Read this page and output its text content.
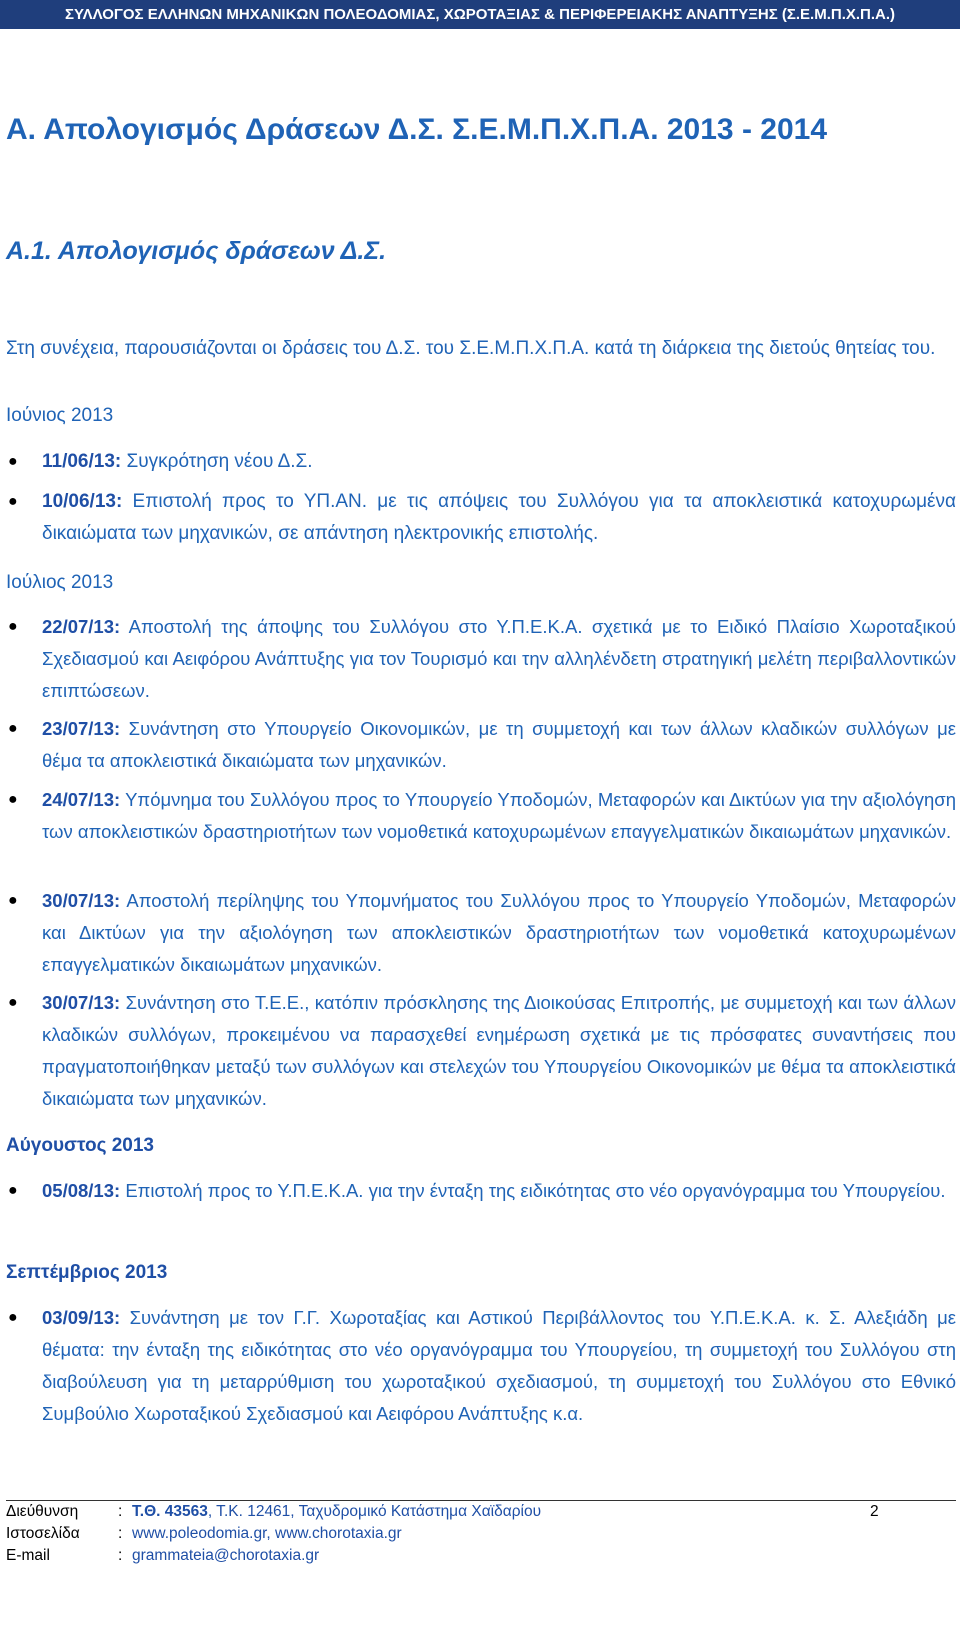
ΣΥΛΛΟΓΟΣ ΕΛΛΗΝΩΝ ΜΗΧΑΝΙΚΩΝ ΠΟΛΕΟΔΟΜΙΑΣ, ΧΩΡΟΤΑΞΙΑΣ & ΠΕΡΙΦΕΡΕΙΑΚΗΣ ΑΝΑΠΤΥΞΗΣ (Σ.Ε.Μ.Π.Χ.Π.Α.)
Α. Απολογισμός Δράσεων Δ.Σ. Σ.Ε.Μ.Π.Χ.Π.Α. 2013 - 2014
Α.1. Απολογισμός δράσεων Δ.Σ.
Στη συνέχεια, παρουσιάζονται οι δράσεις του Δ.Σ. του Σ.Ε.Μ.Π.Χ.Π.Α. κατά τη διάρκεια της διετούς θητείας του.
Ιούνιος 2013
● 11/06/13: Συγκρότηση νέου Δ.Σ.
● 10/06/13: Επιστολή προς το ΥΠ.ΑΝ. με τις απόψεις του Συλλόγου για τα αποκλειστικά κατοχυρωμένα δικαιώματα των μηχανικών, σε απάντηση ηλεκτρονικής επιστολής.
Ιούλιος 2013
● 22/07/13: Αποστολή της άποψης του Συλλόγου στο Υ.Π.Ε.Κ.Α. σχετικά με το Ειδικό Πλαίσιο Χωροταξικού Σχεδιασμού και Αειφόρου Ανάπτυξης για τον Τουρισμό και την αλληλένδετη στρατηγική μελέτη περιβαλλοντικών επιπτώσεων.
● 23/07/13: Συνάντηση στο Υπουργείο Οικονομικών, με τη συμμετοχή και των άλλων κλαδικών συλλόγων με θέμα τα αποκλειστικά δικαιώματα των μηχανικών.
● 24/07/13: Υπόμνημα του Συλλόγου προς το Υπουργείο Υποδομών, Μεταφορών και Δικτύων για την αξιολόγηση των αποκλειστικών δραστηριοτήτων των νομοθετικά κατοχυρωμένων επαγγελματικών δικαιωμάτων μηχανικών.
● 30/07/13: Αποστολή περίληψης του Υπομνήματος του Συλλόγου προς το Υπουργείο Υποδομών, Μεταφορών και Δικτύων για την αξιολόγηση των αποκλειστικών δραστηριοτήτων των νομοθετικά κατοχυρωμένων επαγγελματικών δικαιωμάτων μηχανικών.
● 30/07/13: Συνάντηση στο Τ.Ε.Ε., κατόπιν πρόσκλησης της Διοικούσας Επιτροπής, με συμμετοχή και των άλλων κλαδικών συλλόγων, προκειμένου να παρασχεθεί ενημέρωση σχετικά με τις πρόσφατες συναντήσεις που πραγματοποιήθηκαν μεταξύ των συλλόγων και στελεχών του Υπουργείου Οικονομικών με θέμα τα αποκλειστικά δικαιώματα των μηχανικών.
Αύγουστος 2013
● 05/08/13: Επιστολή προς το Υ.Π.Ε.Κ.Α. για την ένταξη της ειδικότητας στο νέο οργανόγραμμα του Υπουργείου.
Σεπτέμβριος 2013
● 03/09/13: Συνάντηση με τον Γ.Γ. Χωροταξίας και Αστικού Περιβάλλοντος του Υ.Π.Ε.Κ.Α. κ. Σ. Αλεξιάδη με θέματα: την ένταξη της ειδικότητας στο νέο οργανόγραμμα του Υπουργείου, τη συμμετοχή του Συλλόγου στη διαβούλευση για τη μεταρρύθμιση του χωροταξικού σχεδιασμού, τη συμμετοχή του Συλλόγου στο Εθνικό Συμβούλιο Χωροταξικού Σχεδιασμού και Αειφόρου Ανάπτυξης κ.α.
Διεύθυνση	: Τ.Θ. 43563, Τ.Κ. 12461, Ταχυδρομικό Κατάστημα Χαϊδαρίου	2
Ιστοσελίδα : www.poleodomia.gr, www.chorotaxia.gr
E-mail	: grammateia@chorotaxia.gr
